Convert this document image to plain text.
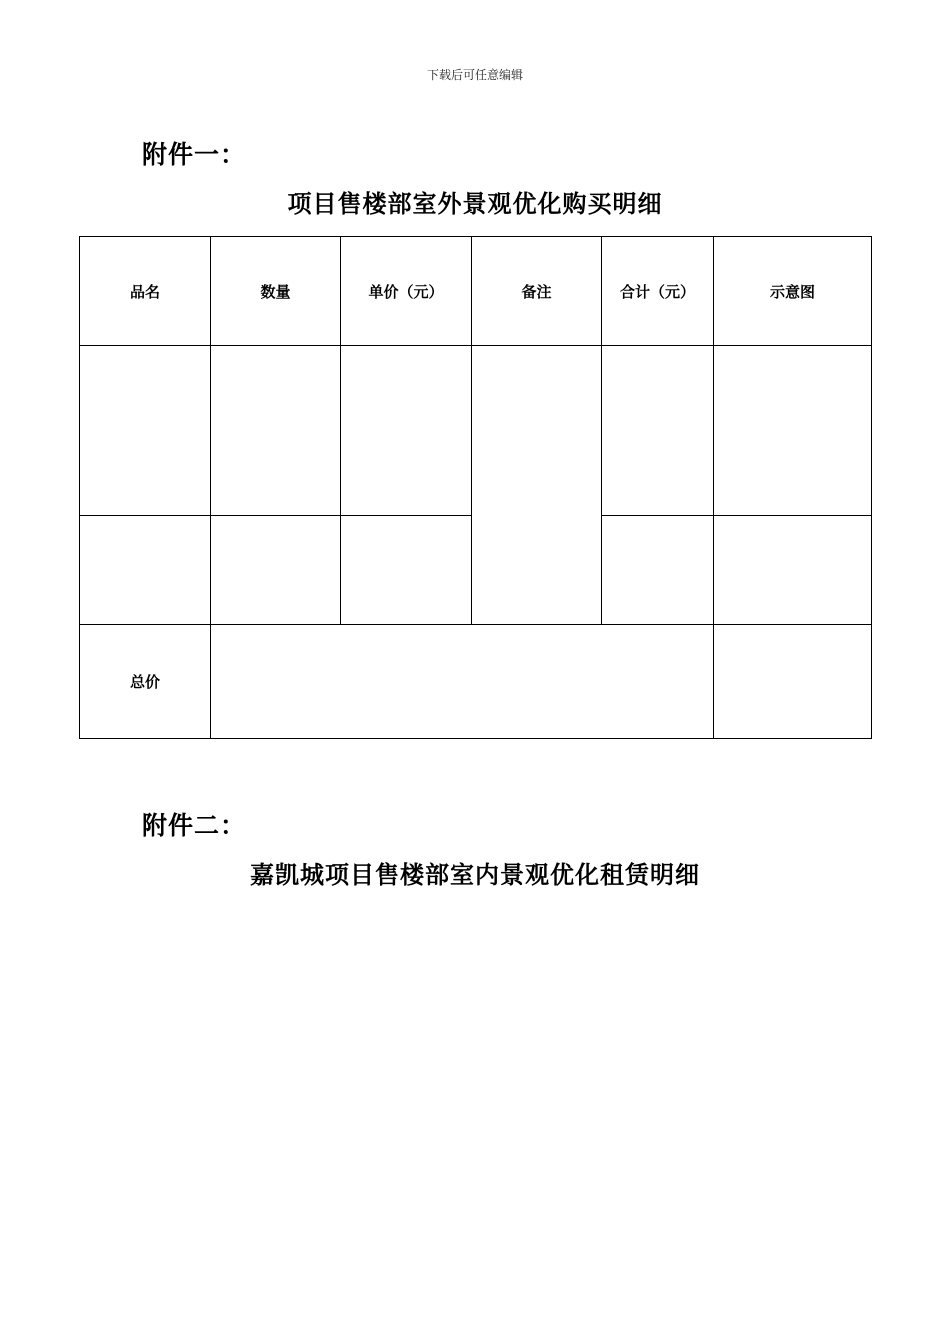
下载后可任意编辑
附件一：
项目售楼部室外景观优化购买明细
品名	数量	单价（元）	备注	合计（元）	示意图

总价					
附件二：
嘉凯城项目售楼部室内景观优化租赁明细
